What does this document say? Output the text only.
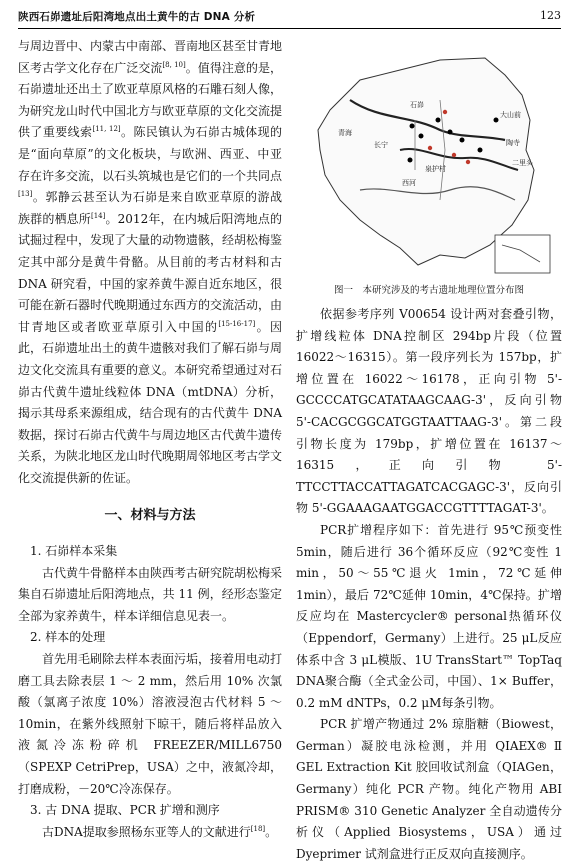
陕西石峁遗址后阳湾地点出土黄牛的古 DNA 分析	123

与周边晋中、内蒙古中南部、晋南地区甚至甘青地区考古学文化存在广泛交流[8, 10]。值得注意的是，石峁遗址还出土了欧亚草原风格的石雕石刻人像，为研究龙山时代中国北方与欧亚草原的文化交流提供了重要线索[11, 12]。陈民镇认为石峁古城体现的是“面向草原”的文化板块，与欧洲、西亚、中亚存在许多交流，以石头筑城也是它们的一个共同点[13]。郭静云甚至认为石峁是来自欧亚草原的游战族群的栖息所[14]。2012年，在内城后阳湾地点的试掘过程中，发现了大量的动物遗骸，经胡松梅鉴定其中部分是黄牛骨骼。从目前的考古材料和古 DNA 研究看，中国的家养黄牛源自近东地区，很可能在新石器时代晚期通过东西方的交流活动，由甘青地区或者欧亚草原引入中国的[15-16-17]。因此，石峁遗址出土的黄牛遗骸对我们了解石峁与周边文化交流具有重要的意义。本研究希望通过对石峁古代黄牛遗址线粒体 DNA（mtDNA）分析，揭示其母系来源组成，结合现有的古代黄牛 DNA 数据，探讨石峁古代黄牛与周边地区古代黄牛遗传关系，为陕北地区龙山时代晚期周邻地区考古学文化交流提供新的佐证。

一、材料与方法

1. 石峁样本采集

古代黄牛骨骼样本由陕西考古研究院胡松梅采集自石峁遗址后阳湾地点，共 11 例，经形态鉴定全部为家养黄牛，样本详细信息见表一。

2. 样本的处理

首先用毛刷除去样本表面污垢，接着用电动打磨工具去除表层 1 ～ 2 mm，然后用 10% 次氯酸（氯离子浓度 10%）溶液浸泡古代材料 5 ～ 10min，在紫外线照射下晾干，随后将样品放入液氮冷冻粉碎机 FREEZER/MILL6750（SPEXP CetriPrep，USA）之中，液氮冷却，打磨成粉，－20℃冷冻保存。

3. 古 DNA 提取、PCR 扩增和测序

古DNA提取参照杨东亚等人的文献进行[18]。

石峁
长宁
大山前
陶寺
二里头
泉护村
西河
青海
图一　本研究涉及的考古遗址地理位置分布图

依据参考序列 V00654 设计两对套叠引物，扩增线粒体 DNA控制区 294bp片段（位置 16022～16315）。第一段序列长为 157bp，扩增位置在 16022～16178，正向引物 5'-GCCCCATGCATATAAGCAAG-3'，反向引物 5'-CACGCGGCATGGTAATTAAG-3'。第二段引物长度为 179bp，扩增位置在 16137～16315，正向引物 5'-TTCCTTACCATTAGATCACGAGC-3'，反向引物 5'-GGAAAGAATGGACCGTTTTAGAT-3'。

PCR扩增程序如下：首先进行 95℃预变性 5min，随后进行 36个循环反应（92℃变性 1 min，50～55℃退火 1min，72℃延伸 1min），最后 72℃延伸 10min，4℃保持。扩增反应均在 Mastercycler® personal热循环仪（Eppendorf，Germany）上进行。25 μL反应体系中含 3 μL模版、1U TransStart™ TopTaq DNA聚合酶（全式金公司，中国）、1× Buffer，0.2 mM dNTPs，0.2 μM每条引物。

PCR 扩增产物通过 2% 琼脂糖（Biowest，German）凝胶电泳检测，并用 QIAEX® Ⅱ GEL Extraction Kit 胶回收试剂盒（QIAGen，Germany）纯化 PCR 产物。纯化产物用 ABI PRISM® 310 Genetic Analyzer 全自动遗传分析仪（Applied Biosystems，USA）通过 Dyeprimer 试剂盒进行正反双向直接测序。
